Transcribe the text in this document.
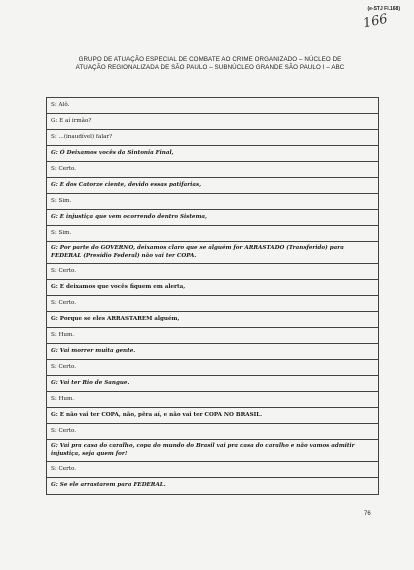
(e-STJ Fl.168)
166
GRUPO DE ATUAÇÃO ESPECIAL DE COMBATE AO CRIME ORGANIZADO – NÚCLEO DE
ATUAÇÃO REGIONALIZADA DE SÃO PAULO – SUBNÚCLEO GRANDE SÃO PAULO I – ABC
S: Alô.
G: E aí irmão?
S: ...(inaudível) falar?
G: Ó Deixamos vocês da Sintonia Final,
S: Certo.
G: E dos Catorze ciente, devido essas patifarias,
S: Sim.
G: E injustiça que vem ocorrendo dentro Sistema,
S: Sim.
G: Por parte do GOVERNO, deixamos claro que se alguém for ARRASTADO (Transferido) para FEDERAL (Presídio Federal) não vai ter COPA.
S: Certo.
G: E deixamos que vocês fiquem em alerta,
S: Certo.
G: Porque se eles ARRASTAREM alguém,
S: Hum.
G: Vai morrer muita gente.
S: Certo.
G: Vai ter Rio de Sangue.
S: Hum.
G: E não vai ter COPA, não, pêra aí, e não vai ter COPA NO BRASIL.
S: Certo.
G: Vai pra casa do caralho, copa do mundo do Brasil vai pra casa do caralho e não vamos admitir injustiça, seja quem for!
S: Certo.
G: Se ele arrastarem para FEDERAL.
76
